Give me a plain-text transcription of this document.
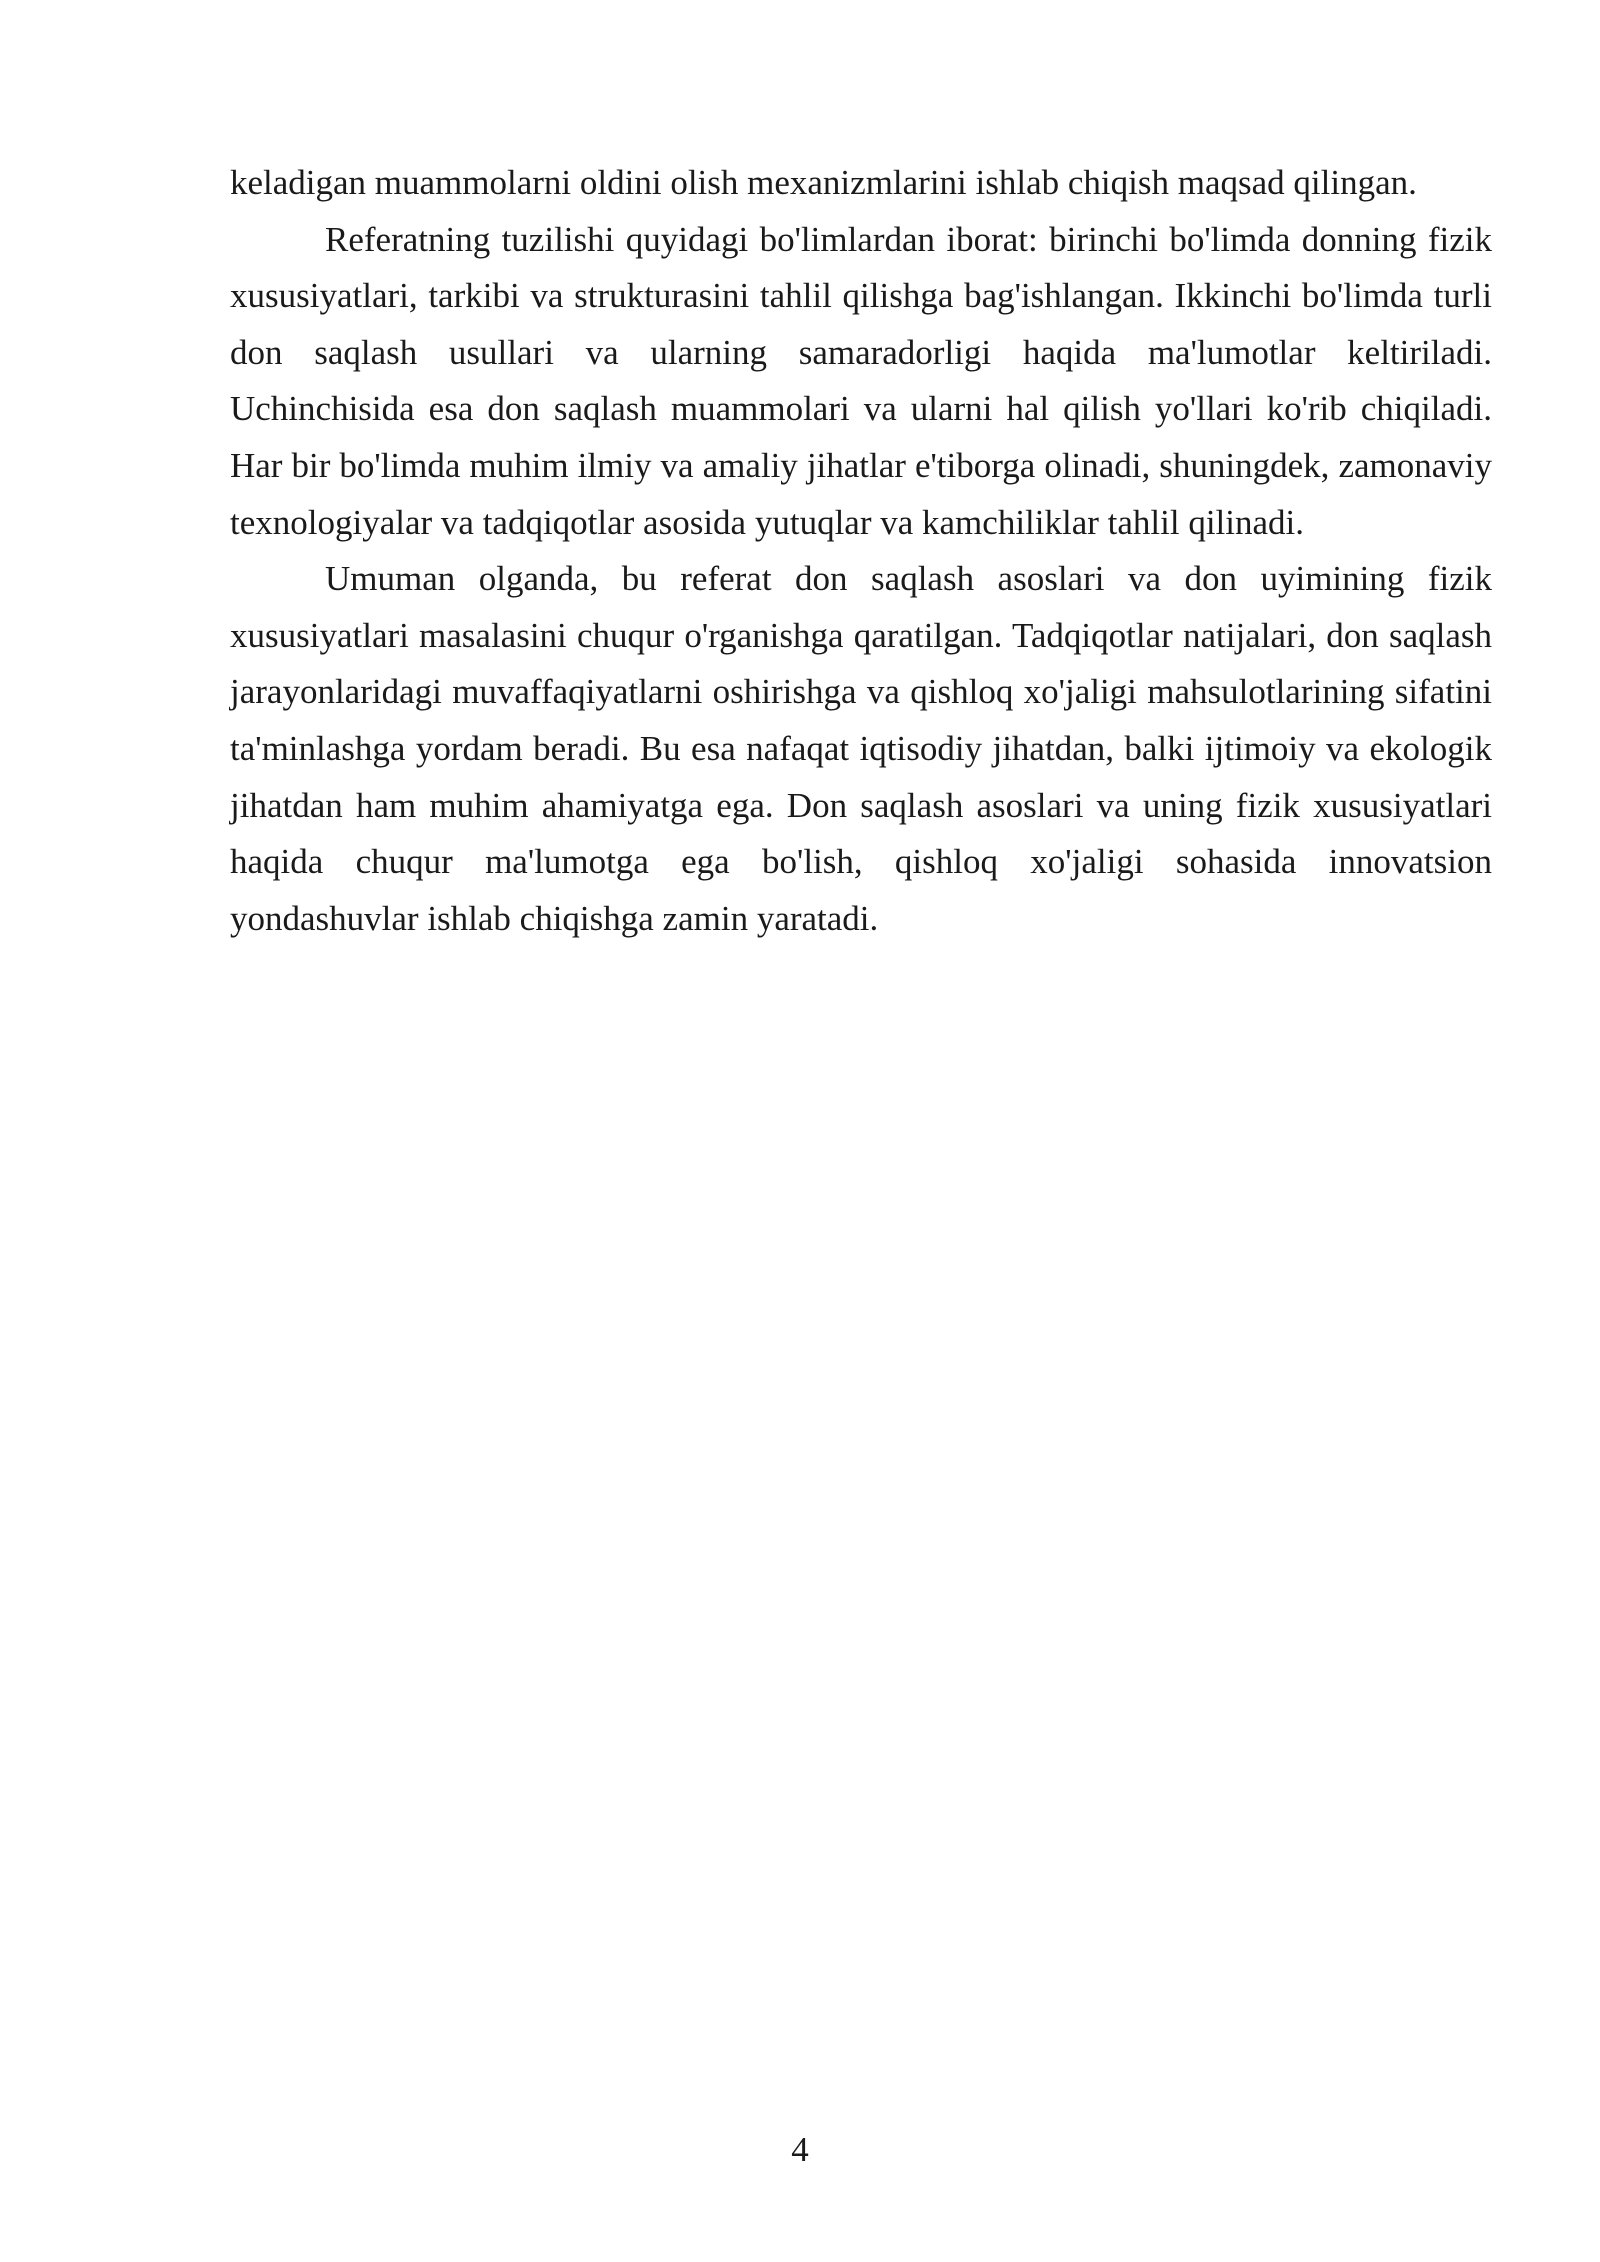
keladigan muammolarni oldini olish mexanizmlarini ishlab chiqish maqsad qilingan.

Referatning tuzilishi quyidagi bo'limlardan iborat: birinchi bo'limda donning fizik xususiyatlari, tarkibi va strukturasini tahlil qilishga bag'ishlangan. Ikkinchi bo'limda turli don saqlash usullari va ularning samaradorligi haqida ma'lumotlar keltiriladi. Uchinchisida esa don saqlash muammolari va ularni hal qilish yo'llari ko'rib chiqiladi. Har bir bo'limda muhim ilmiy va amaliy jihatlar e'tiborga olinadi, shuningdek, zamonaviy texnologiyalar va tadqiqotlar asosida yutuqlar va kamchiliklar tahlil qilinadi.

Umuman olganda, bu referat don saqlash asoslari va don uyimining fizik xususiyatlari masalasini chuqur o'rganishga qaratilgan. Tadqiqotlar natijalari, don saqlash jarayonlaridagi muvaffaqiyatlarni oshirishga va qishloq xo'jaligi mahsulotlarining sifatini ta'minlashga yordam beradi. Bu esa nafaqat iqtisodiy jihatdan, balki ijtimoiy va ekologik jihatdan ham muhim ahamiyatga ega. Don saqlash asoslari va uning fizik xususiyatlari haqida chuqur ma'lumotga ega bo'lish, qishloq xo'jaligi sohasida innovatsion yondashuvlar ishlab chiqishga zamin yaratadi.

4
